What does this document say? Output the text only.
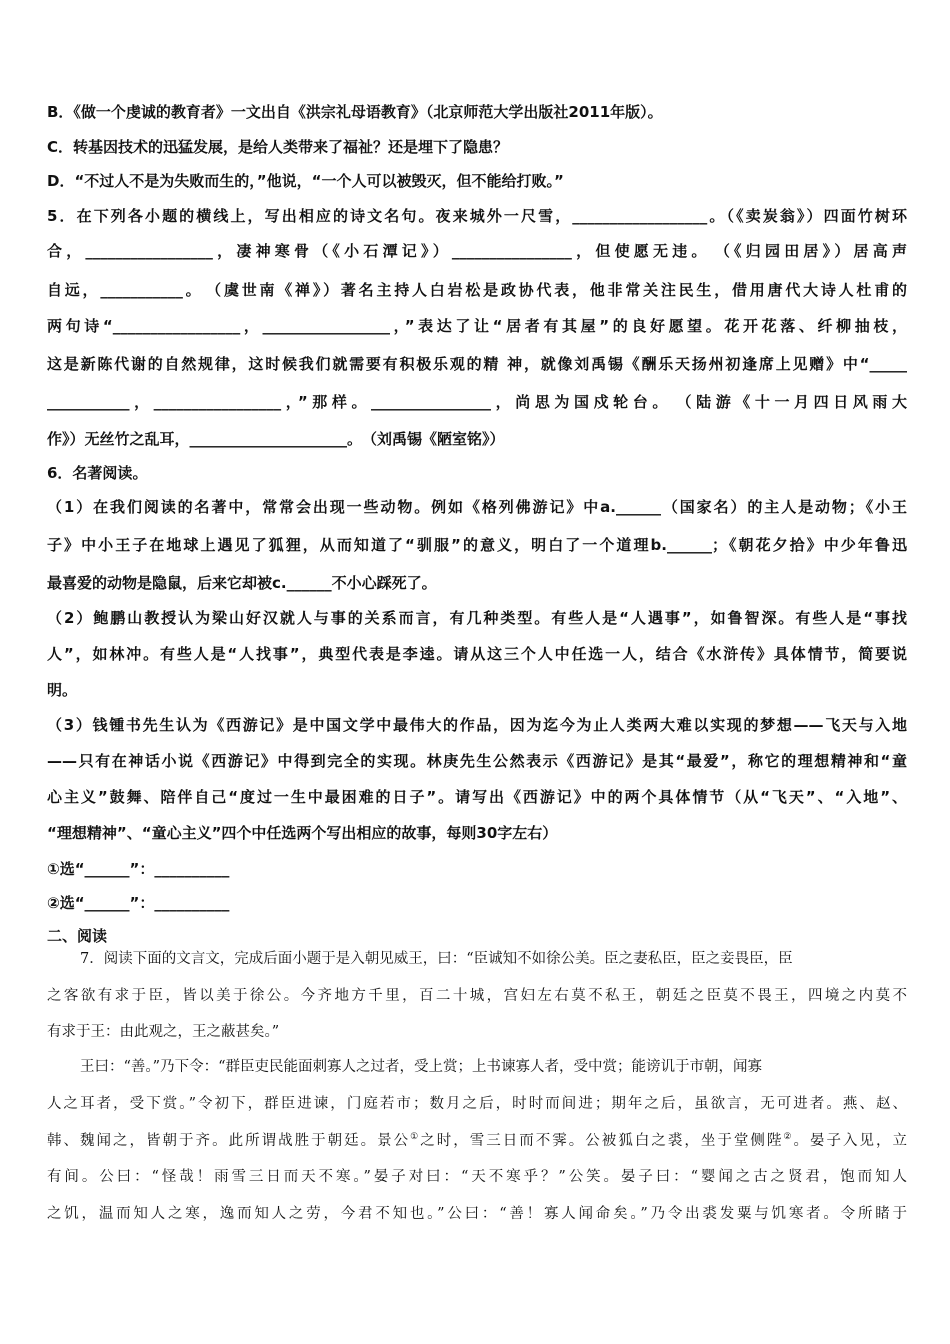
B．《做一个虔诚的教育者》一文出自《洪宗礼母语教育》（北京师范大学出版社2011年版）。
C．转基因技术的迅猛发展，是给人类带来了福祉？还是埋下了隐患？
D．“不过人不是为失败而生的，”他说，“一个人可以被毁灭，但不能给打败。”
5．在下列各小题的横线上，写出相应的诗文名句。夜来城外一尺雪，__________________。（《卖炭翁》）四面竹树环
合，_________________，凄神寒骨（《小石潭记》）________________，但使愿无违。　（《归园田居》）居高声
自远，___________。　（虞世南《禅》）著名主持人白岩松是政协代表，他非常关注民生，借用唐代大诗人杜甫的
两句诗“_________________，_________________，”表达了让“居者有其屋”的良好愿望。花开花落、纤柳抽枝，
这是新陈代谢的自然规律，这时候我们就需要有积极乐观的精 神，就像刘禹锡《酬乐天扬州初逢席上见赠》中“_____
___________，_________________，”那样。________________，尚思为国戍轮台。　（陆游《十一月四日风雨大
作》）无丝竹之乱耳，_____________________。　（刘禹锡《陋室铭》）
6．名著阅读。
（1）在我们阅读的名著中，常常会出现一些动物。例如《格列佛游记》中a.______（国家名）的主人是动物；《小王
子》中小王子在地球上遇见了狐狸，从而知道了“驯服”的意义，明白了一个道理b.______；《朝花夕拾》中少年鲁迅
最喜爱的动物是隐鼠，后来它却被c.______不小心踩死了。
（2）鲍鹏山教授认为梁山好汉就人与事的关系而言，有几种类型。有些人是“人遇事”，如鲁智深。有些人是“事找
人”，如林冲。有些人是“人找事”，典型代表是李逵。请从这三个人中任选一人，结合《水浒传》具体情节，简要说
明。
（3）钱锺书先生认为《西游记》是中国文学中最伟大的作品，因为迄今为止人类两大难以实现的梦想——飞天与入地
——只有在神话小说《西游记》中得到完全的实现。林庚先生公然表示《西游记》是其“最爱”，称它的理想精神和“童
心主义”鼓舞、陪伴自己“度过一生中最困难的日子”。请写出《西游记》中的两个具体情节（从“飞天”、“入地”、
“理想精神”、“童心主义”四个中任选两个写出相应的故事，每则30字左右）
①选“______”：__________
②选“______”：__________
二、阅读
7．阅读下面的文言文，完成后面小题于是入朝见威王，曰：“臣诚知不如徐公美。臣之妻私臣，臣之妾畏臣，臣
之客欲有求于臣，皆以美于徐公。今齐地方千里，百二十城，宫妇左右莫不私王，朝廷之臣莫不畏王，四境之内莫不
有求于王：由此观之，王之蔽甚矣。”
王曰：“善。”乃下令：“群臣吏民能面刺寡人之过者，受上赏；上书谏寡人者，受中赏；能谤讥于市朝，闻寡
人之耳者，受下赏。”令初下，群臣进谏，门庭若市；数月之后，时时而间进；期年之后，虽欲言，无可进者。燕、赵、
韩、魏闻之，皆朝于齐。此所谓战胜于朝廷。景公①之时，雪三日而不霁。公被狐白之裘，坐于堂侧陛②。晏子入见，立
有间。公曰：“怪哉！雨雪三日而天不寒。”晏子对曰：“天不寒乎？”公笑。晏子曰：“婴闻之古之贤君，饱而知人
之饥，温而知人之寒，逸而知人之劳，今君不知也。”公曰：“善！寡人闻命矣。”乃令出裘发粟与饥寒者。令所睹于
